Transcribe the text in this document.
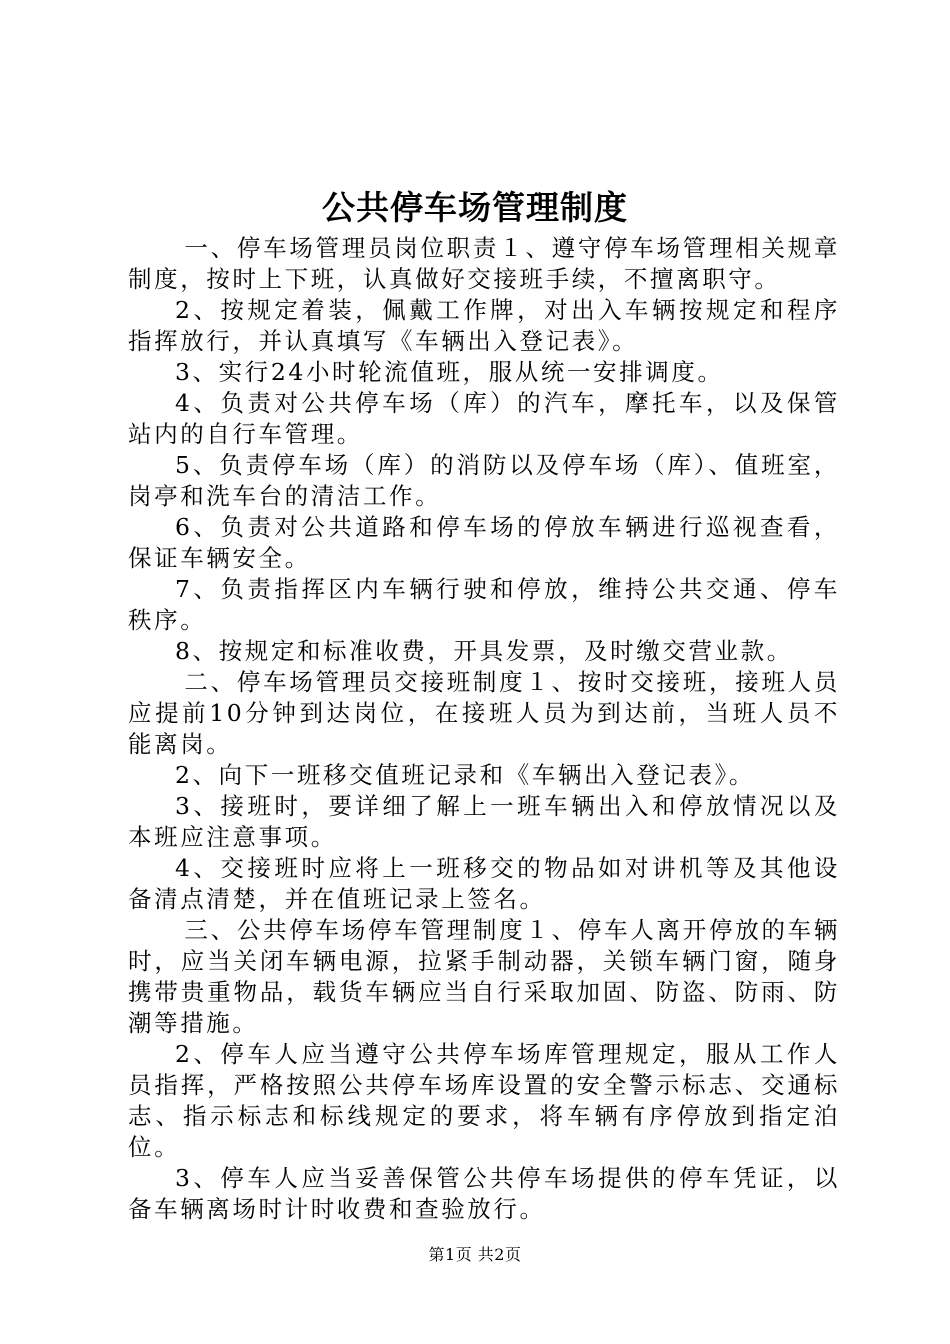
公共停车场管理制度

一、停车场管理员岗位职责１、遵守停车场管理相关规章制度，按时上下班，认真做好交接班手续，不擅离职守。

2、按规定着装，佩戴工作牌，对出入车辆按规定和程序指挥放行，并认真填写《车辆出入登记表》。

3、实行24小时轮流值班，服从统一安排调度。

4、负责对公共停车场（库）的汽车，摩托车，以及保管站内的自行车管理。

5、负责停车场（库）的消防以及停车场（库）、值班室，岗亭和洗车台的清洁工作。

6、负责对公共道路和停车场的停放车辆进行巡视查看，保证车辆安全。

7、负责指挥区内车辆行驶和停放，维持公共交通、停车秩序。

8、按规定和标准收费，开具发票，及时缴交营业款。

二、停车场管理员交接班制度１、按时交接班，接班人员应提前10分钟到达岗位，在接班人员为到达前，当班人员不能离岗。

2、向下一班移交值班记录和《车辆出入登记表》。

3、接班时，要详细了解上一班车辆出入和停放情况以及本班应注意事项。

4、交接班时应将上一班移交的物品如对讲机等及其他设备清点清楚，并在值班记录上签名。

三、公共停车场停车管理制度１、停车人离开停放的车辆时，应当关闭车辆电源，拉紧手制动器，关锁车辆门窗，随身携带贵重物品，载货车辆应当自行采取加固、防盗、防雨、防潮等措施。

2、停车人应当遵守公共停车场库管理规定，服从工作人员指挥，严格按照公共停车场库设置的安全警示标志、交通标志、指示标志和标线规定的要求，将车辆有序停放到指定泊位。

3、停车人应当妥善保管公共停车场提供的停车凭证，以备车辆离场时计时收费和查验放行。

第1页 共2页
